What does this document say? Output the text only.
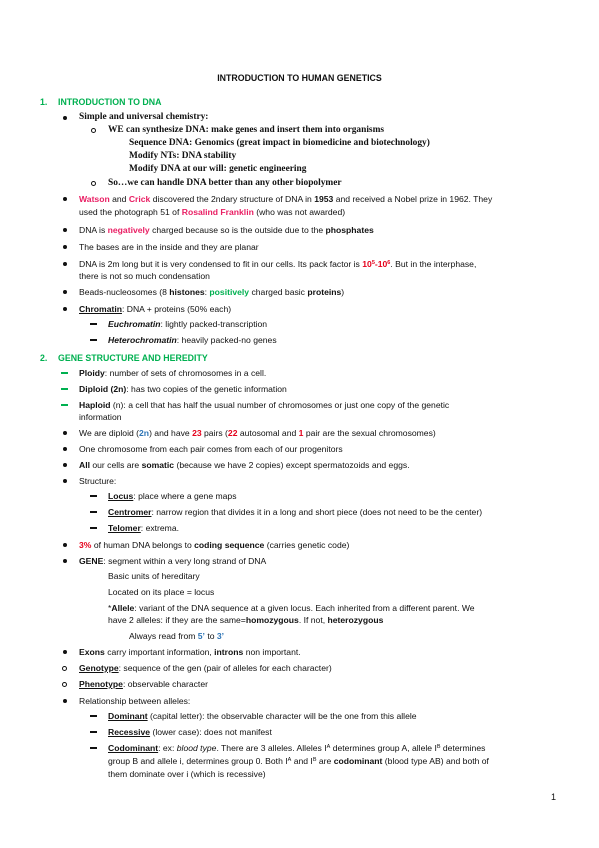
INTRODUCTION TO HUMAN GENETICS
1. INTRODUCTION TO DNA
Simple and universal chemistry:
WE can synthesize DNA: make genes and insert them into organisms
Sequence DNA: Genomics (great impact in biomedicine and biotechnology)
Modify NTs: DNA stability
Modify DNA at our will: genetic engineering
So…we can handle DNA better than any other biopolymer
Watson and Crick discovered the 2ndary structure of DNA in 1953 and received a Nobel prize in 1962. They
used the photograph 51 of Rosalind Franklin (who was not awarded)
DNA is negatively charged because so is the outside due to the phosphates
The bases are in the inside and they are planar
DNA is 2m long but it is very condensed to fit in our cells. Its pack factor is $10^5-10^6$. But in the interphase,
there is not so much condensation
Beads-nucleosomes (8 histones: positively charged basic proteins)
Chromatin: DNA + proteins (50% each)
Euchromatin: lightly packed-transcription
Heterochromatin: heavily packed-no genes
2. GENE STRUCTURE AND HEREDITY
Ploidy: number of sets of chromosomes in a cell.
Diploid (2n): has two copies of the genetic information
Haploid (n): a cell that has half the usual number of chromosomes or just one copy of the genetic
information
We are diploid (2n) and have 23 pairs (22 autosomal and 1 pair are the sexual chromosomes)
One chromosome from each pair comes from each of our progenitors
All our cells are somatic (because we have 2 copies) except spermatozoids and eggs.
Structure:
Locus: place where a gene maps
Centromer: narrow region that divides it in a long and short piece (does not need to be the center)
Telomer: extrema.
3% of human DNA belongs to coding sequence (carries genetic code)
GENE: segment within a very long strand of DNA
Basic units of hereditary
Located on its place = locus
*Allele: variant of the DNA sequence at a given locus. Each inherited from a different parent. We
have 2 alleles: if they are the same=homozygous. If not, heterozygous
Always read from 5’ to 3’
Exons carry important information, introns non important.
Genotype: sequence of the gen (pair of alleles for each character)
Phenotype: observable character
Relationship between alleles:
Dominant (capital letter): the observable character will be the one from this allele
Recessive (lower case): does not manifest
Codominant: ex: blood type. There are 3 alleles. Alleles $I^A$ determines group A, allele $I^B$ determines
group B and allele i, determines group 0. Both $I^A$ and $I^B$ are codominant (blood type AB) and both of
them dominate over i (which is recessive)
1
